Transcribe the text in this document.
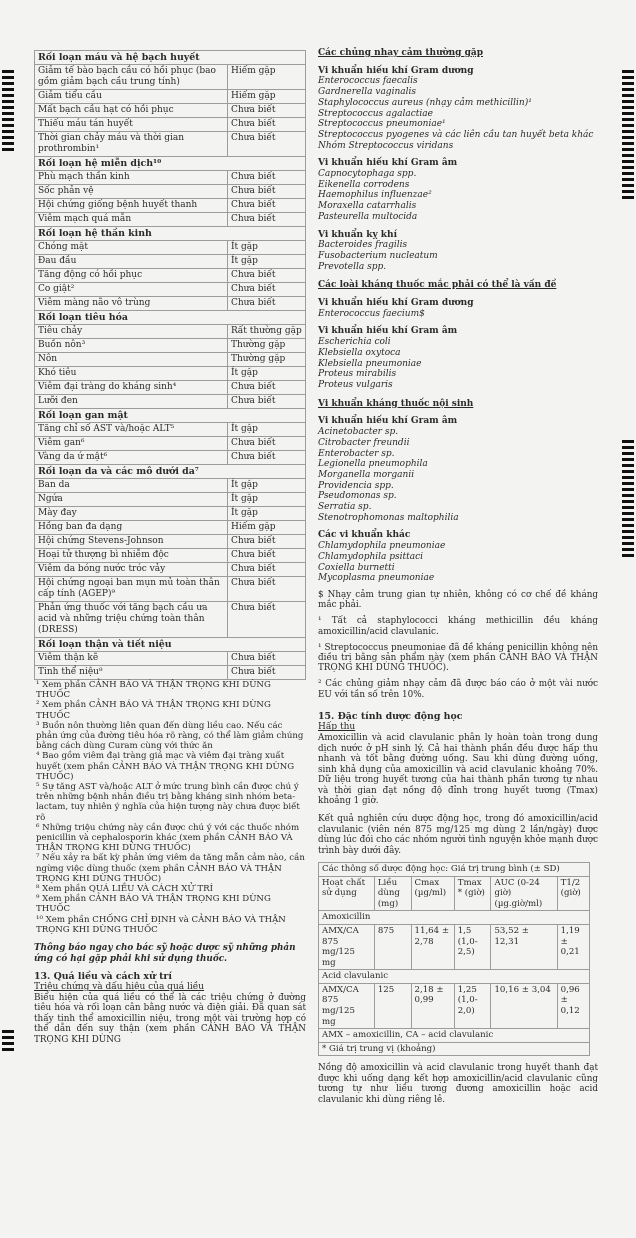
Rối loạn máu và hệ bạch huyết	
Giảm tế bào bạch cầu có hồi phục (bao gồm giảm bạch cầu trung tính)	Hiếm gặp
Giảm tiểu cầu	Hiếm gặp
Mất bạch cầu hạt có hồi phục	Chưa biết
Thiếu máu tán huyết	Chưa biết
Thời gian chảy máu và thời gian prothrombin¹	Chưa biết
Rối loạn hệ miễn dịch¹⁰	
Phù mạch thần kinh	Chưa biết
Sốc phản vệ	Chưa biết
Hội chứng giống bệnh huyết thanh	Chưa biết
Viêm mạch quá mẫn	Chưa biết
Rối loạn hệ thần kinh	
Chóng mặt	Ít gặp
Đau đầu	Ít gặp
Tăng động có hồi phục	Chưa biết
Co giật²	Chưa biết
Viêm màng não vô trùng	Chưa biết
Rối loạn tiêu hóa	
Tiêu chảy	Rất thường gặp
Buồn nôn³	Thường gặp
Nôn	Thường gặp
Khó tiêu	Ít gặp
Viêm đại tràng do kháng sinh⁴	Chưa biết
Lưỡi đen	Chưa biết
Rối loạn gan mật	
Tăng chỉ số AST và/hoặc ALT⁵	Ít gặp
Viêm gan⁶	Chưa biết
Vàng da ứ mật⁶	Chưa biết
Rối loạn da và các mô dưới da⁷	
Ban da	Ít gặp
Ngứa	Ít gặp
Mày đay	Ít gặp
Hồng ban đa dạng	Hiếm gặp
Hội chứng Stevens-Johnson	Chưa biết
Hoại tử thượng bì nhiễm độc	Chưa biết
Viêm da bóng nước tróc vảy	Chưa biết
Hội chứng ngoại ban mụn mủ toàn thân cấp tính (AGEP)⁹	Chưa biết
Phản ứng thuốc với tăng bạch cầu ưa acid và những triệu chứng toàn thân (DRESS)	Chưa biết
Rối loạn thận và tiết niệu	
Viêm thận kẽ	Chưa biết
Tinh thể niệu⁸	Chưa biết

¹ Xem phần CẢNH BÁO VÀ THẬN TRỌNG KHI DÙNG THUỐC

² Xem phần CẢNH BÁO VÀ THẬN TRỌNG KHI DÙNG THUỐC

³ Buồn nôn thường liên quan đến dùng liều cao. Nếu các phản ứng của đường tiêu hóa rõ ràng, có thể làm giảm chúng bằng cách dùng Curam cùng với thức ăn

⁴ Bao gồm viêm đại tràng giả mạc và viêm đại tràng xuất huyết (xem phần CẢNH BÁO VÀ THẬN TRỌNG KHI DÙNG THUỐC)

⁵ Sự tăng AST và/hoặc ALT ở mức trung bình cần được chú ý trên những bệnh nhân điều trị bằng kháng sinh nhóm beta-lactam, tuy nhiên ý nghĩa của hiện tượng này chưa được biết rõ

⁶ Những triệu chứng này cần được chú ý với các thuốc nhóm penicillin và cephalosporin khác (xem phần CẢNH BÁO VÀ THẬN TRỌNG KHI DÙNG THUỐC)

⁷ Nếu xảy ra bất kỳ phản ứng viêm da tăng mẫn cảm nào, cần ngừng việc dùng thuốc (xem phần CẢNH BÁO VÀ THẬN TRỌNG KHI DÙNG THUỐC)

⁸ Xem phần QUÁ LIỀU VÀ CÁCH XỬ TRÍ

⁹ Xem phần CẢNH BÁO VÀ THẬN TRỌNG KHI DÙNG THUỐC

¹⁰ Xem phần CHỐNG CHỈ ĐỊNH và CẢNH BÁO VÀ THẬN TRỌNG KHI DÙNG THUỐC

Thông báo ngay cho bác sỹ hoặc dược sỹ những phản ứng có hại gặp phải khi sử dụng thuốc.
13. Quá liều và cách xử trí
Triệu chứng và dấu hiệu của quá liều

Biểu hiện của quá liều có thể là các triệu chứng ở đường tiêu hóa và rối loạn cân bằng nước và điện giải. Đã quan sát thấy tinh thể amoxicillin niệu, trong một vài trường hợp có thể dẫn đến suy thận (xem phần CẢNH BÁO VÀ THẬN TRỌNG KHI DÙNG

Các chủng nhạy cảm thường gặp
Vi khuẩn hiếu khí Gram dương
Enterococcus faecalis
Gardnerella vaginalis
Staphylococcus aureus (nhạy cảm methicillin)¹
Streptococcus agalactiae
Streptococcus pneumoniae¹
Streptococcus pyogenes và các liên cầu tan huyết beta khác
Nhóm Streptococcus viridans
Vi khuẩn hiếu khí Gram âm
Capnocytophaga spp.
Eikenella corrodens
Haemophilus influenzae²
Moraxella catarrhalis
Pasteurella multocida
Vi khuẩn kỵ khí
Bacteroides fragilis
Fusobacterium nucleatum
Prevotella spp.
Các loài kháng thuốc mắc phải có thể là vấn đề
Vi khuẩn hiếu khí Gram dương
Enterococcus faecium$
Vi khuẩn hiếu khí Gram âm
Escherichia coli
Klebsiella oxytoca
Klebsiella pneumoniae
Proteus mirabilis
Proteus vulgaris
Vi khuẩn kháng thuốc nội sinh
Vi khuẩn hiếu khí Gram âm
Acinetobacter sp.
Citrobacter freundii
Enterobacter sp.
Legionella pneumophila
Morganella morganii
Providencia spp.
Pseudomonas sp.
Serratia sp.
Stenotrophomonas maltophilia
Các vi khuẩn khác
Chlamydophila pneumoniae
Chlamydophila psittaci
Coxiella burnetti
Mycoplasma pneumoniae
$ Nhạy cảm trung gian tự nhiên, không có cơ chế đề kháng mắc phải.
¹ Tất cả staphylococci kháng methicillin đều kháng amoxicillin/acid clavulanic.
¹ Streptococcus pneumoniae đã đề kháng penicillin không nên điều trị bằng sản phẩm này (xem phần CẢNH BÁO VÀ THẬN TRỌNG KHI DÙNG THUỐC).
² Các chủng giảm nhạy cảm đã được báo cáo ở một vài nước EU với tần số trên 10%.
15. Đặc tính dược động học
Hấp thu

Amoxicillin và acid clavulanic phân ly hoàn toàn trong dung dịch nước ở pH sinh lý. Cả hai thành phần đều được hấp thu nhanh và tốt bằng đường uống. Sau khi dùng đường uống, sinh khả dụng của amoxicillin và acid clavulanic khoảng 70%. Dữ liệu trong huyết tương của hai thành phần tương tự nhau và thời gian đạt nồng độ đỉnh trong huyết tương (Tmax) khoảng 1 giờ.

Kết quả nghiên cứu dược động học, trong đó amoxicillin/acid clavulanic (viên nén 875 mg/125 mg dùng 2 lần/ngày) được dùng lúc đói cho các nhóm người tình nguyện khỏe mạnh được trình bày dưới đây.

Các thông số dược động học: Giá trị trung bình (± SD)					
Hoạt chất sử dụng	Liều dùng (mg)	Cmax (µg/ml)	Tmax * (giờ)	AUC (0-24 giờ) (µg.giờ/ml)	T1/2 (giờ)
Amoxicillin					
AMX/CA 875 mg/125 mg	875	11,64 ± 2,78	1,5 (1,0-2,5)	53,52 ± 12,31	1,19 ± 0,21
Acid clavulanic					
AMX/CA 875 mg/125 mg	125	2,18 ± 0,99	1,25 (1,0-2,0)	10,16 ± 3,04	0,96 ± 0,12
AMX – amoxicillin, CA – acid clavulanic					
* Giá trị trung vị (khoảng)					

Nồng độ amoxicillin và acid clavulanic trong huyết thanh đạt được khi uống dạng kết hợp amoxicillin/acid clavulanic cũng tương tự như liều tương đương amoxicillin hoặc acid clavulanic khi dùng riêng lẻ.
